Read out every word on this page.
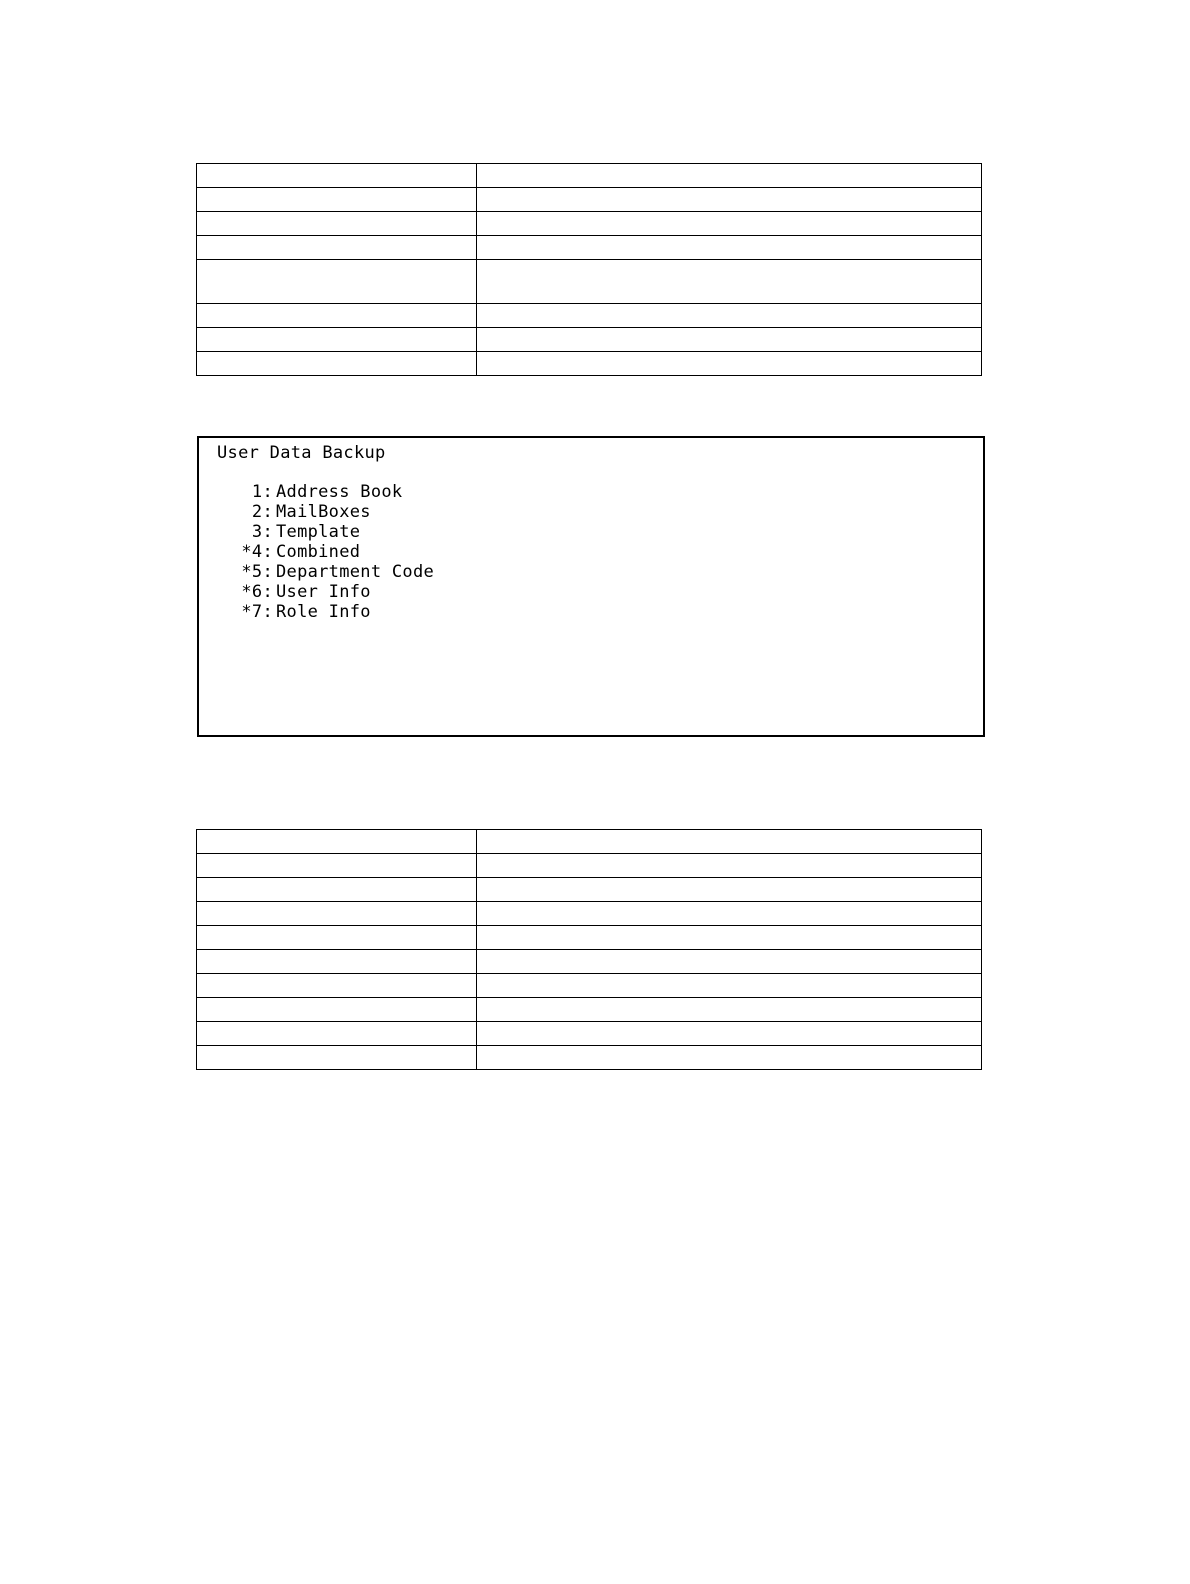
User Data Backup
1: Address Book
2: MailBoxes
3: Template
*4: Combined
*5: Department Code
*6: User Info
*7: Role Info
